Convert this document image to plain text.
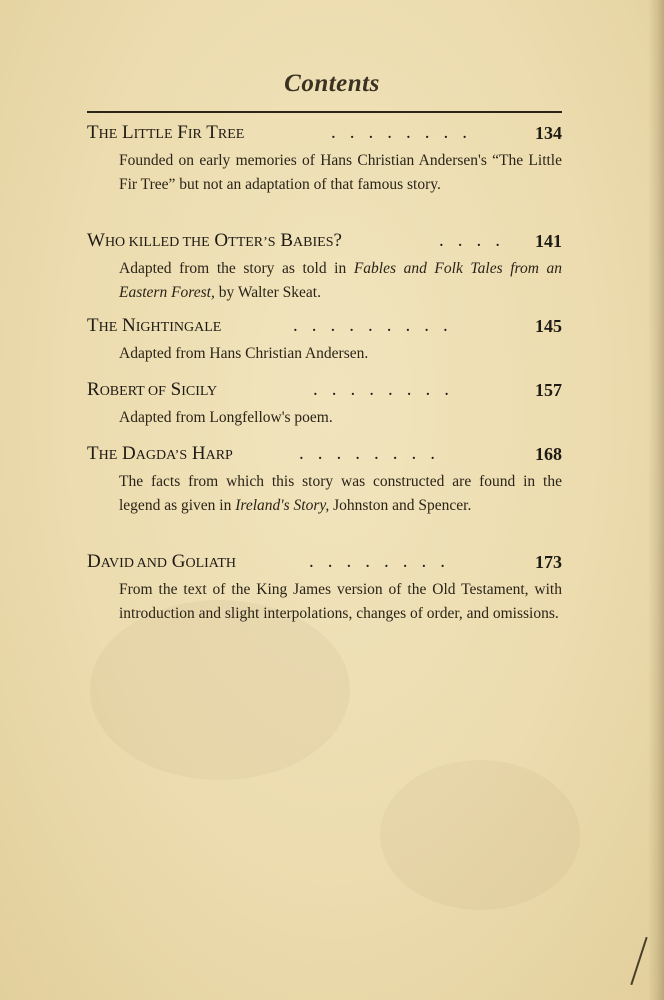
Contents
THE LITTLE FIR TREE	........	134
Founded on early memories of Hans Christian Andersen's “The Little Fir Tree” but not an adaptation of that famous story.
WHO KILLED THE OTTER’S BABIES?	.... 141
Adapted from the story as told in Fables and Folk Tales from an Eastern Forest, by Walter Skeat.
THE NIGHTINGALE	.........	145
Adapted from Hans Christian Andersen.
ROBERT OF SICILY	........	157
Adapted from Longfellow's poem.
THE DAGDA’S HARP	........	168
The facts from which this story was constructed are found in the legend as given in Ireland's Story, Johnston and Spencer.
DAVID AND GOLIATH	........	173
From the text of the King James version of the Old Testament, with introduction and slight interpolations, changes of order, and omissions.
